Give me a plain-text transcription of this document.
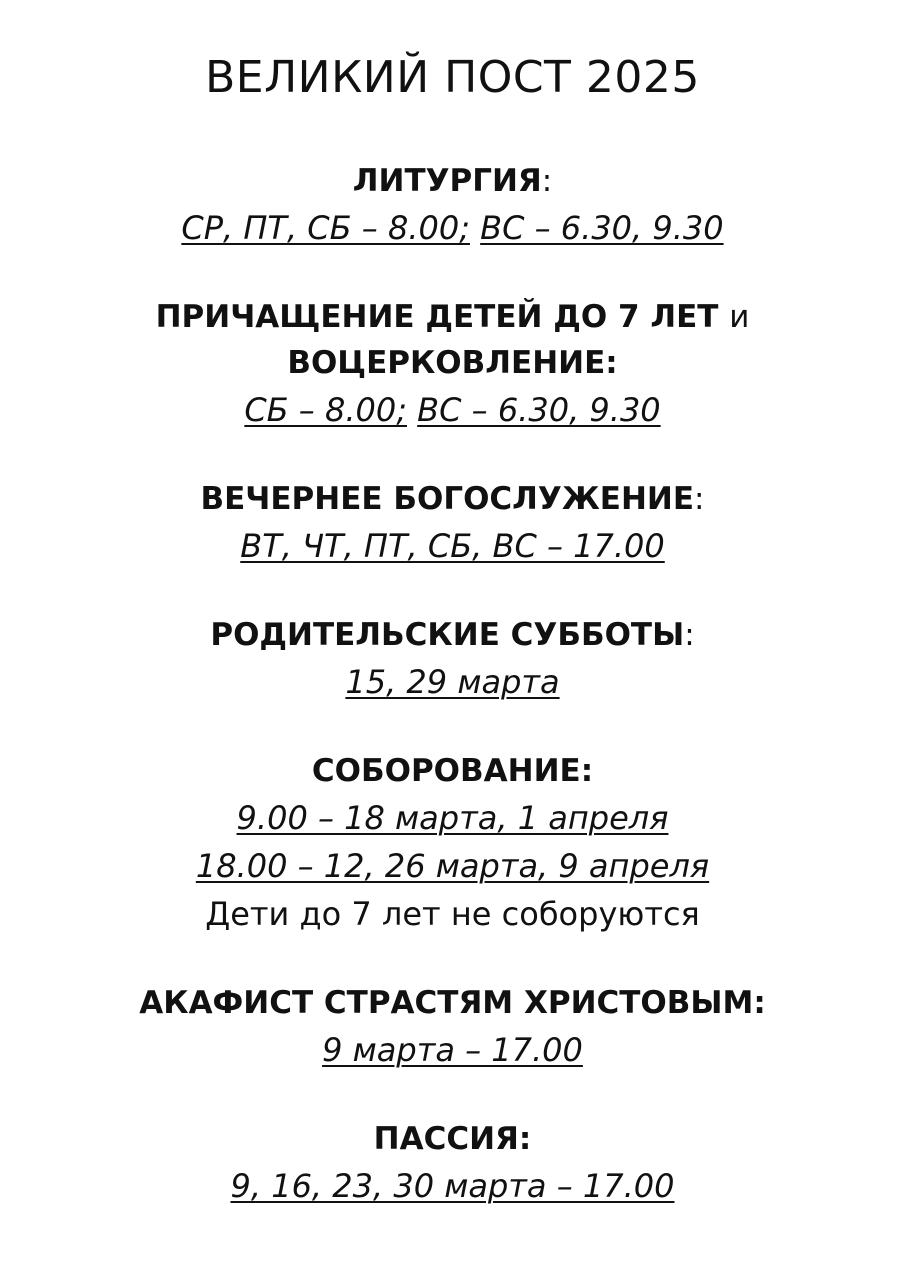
ВЕЛИКИЙ ПОСТ 2025
ЛИТУРГИЯ:
СР, ПТ, СБ – 8.00; ВС – 6.30, 9.30
ПРИЧАЩЕНИЕ ДЕТЕЙ ДО 7 ЛЕТ и
ВОЦЕРКОВЛЕНИЕ:
СБ – 8.00; ВС – 6.30, 9.30
ВЕЧЕРНЕЕ БОГОСЛУЖЕНИЕ:
ВТ, ЧТ, ПТ, СБ, ВС – 17.00
РОДИТЕЛЬСКИЕ СУББОТЫ:
15, 29 марта
СОБОРОВАНИЕ:
9.00 – 18 марта, 1 апреля
18.00 – 12, 26 марта, 9 апреля
Дети до 7 лет не соборуются
АКАФИСТ СТРАСТЯМ ХРИСТОВЫМ:
9 марта – 17.00
ПАССИЯ:
9, 16, 23, 30 марта – 17.00
